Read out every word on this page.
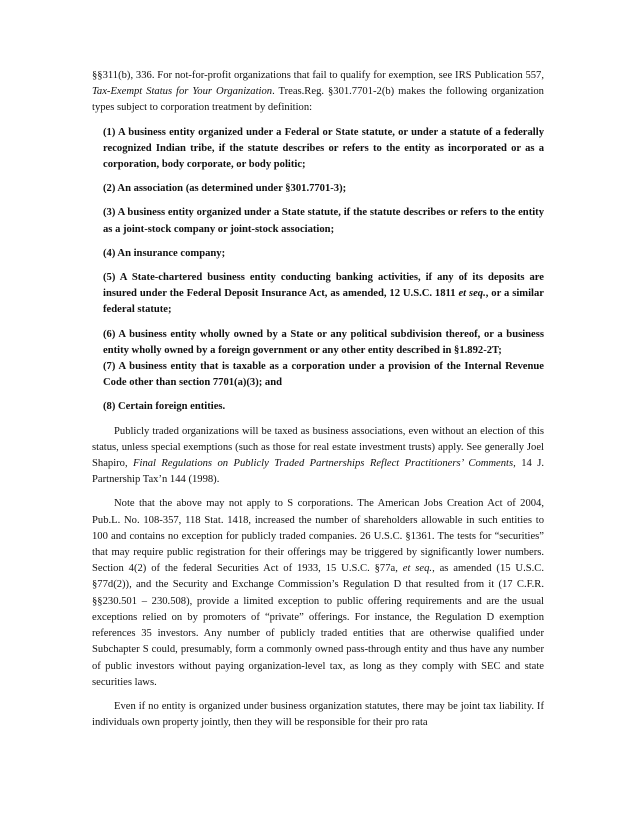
§§311(b), 336. For not-for-profit organizations that fail to qualify for exemption, see IRS Publication 557, Tax-Exempt Status for Your Organization. Treas.Reg. §301.7701-2(b) makes the following organization types subject to corporation treatment by definition:

(1) A business entity organized under a Federal or State statute, or under a statute of a federally recognized Indian tribe, if the statute describes or refers to the entity as incorporated or as a corporation, body corporate, or body politic;
(2) An association (as determined under §301.7701-3);
(3) A business entity organized under a State statute, if the statute describes or refers to the entity as a joint-stock company or joint-stock association;
(4) An insurance company;
(5) A State-chartered business entity conducting banking activities, if any of its deposits are insured under the Federal Deposit Insurance Act, as amended, 12 U.S.C. 1811 et seq., or a similar federal statute;
(6) A business entity wholly owned by a State or any political subdivision thereof, or a business entity wholly owned by a foreign government or any other entity described in §1.892-2T;
(7) A business entity that is taxable as a corporation under a provision of the Internal Revenue Code other than section 7701(a)(3); and
(8) Certain foreign entities.

Publicly traded organizations will be taxed as business associations, even without an election of this status, unless special exemptions (such as those for real estate investment trusts) apply. See generally Joel Shapiro, Final Regulations on Publicly Traded Partnerships Reflect Practitioners’ Comments, 14 J. Partnership Tax’n 144 (1998).

Note that the above may not apply to S corporations. The American Jobs Creation Act of 2004, Pub.L. No. 108-357, 118 Stat. 1418, increased the number of shareholders allowable in such entities to 100 and contains no exception for publicly traded companies. 26 U.S.C. §1361. The tests for “securities” that may require public registration for their offerings may be triggered by significantly lower numbers. Section 4(2) of the federal Securities Act of 1933, 15 U.S.C. §77a, et seq., as amended (15 U.S.C. §77d(2)), and the Security and Exchange Commission’s Regulation D that resulted from it (17 C.F.R. §§230.501 – 230.508), provide a limited exception to public offering requirements and are the usual exceptions relied on by promoters of “private” offerings. For instance, the Regulation D exemption references 35 investors. Any number of publicly traded entities that are otherwise qualified under Subchapter S could, presumably, form a commonly owned pass-through entity and thus have any number of public investors without paying organization-level tax, as long as they comply with SEC and state securities laws.

Even if no entity is organized under business organization statutes, there may be joint tax liability. If individuals own property jointly, then they will be responsible for their pro rata
